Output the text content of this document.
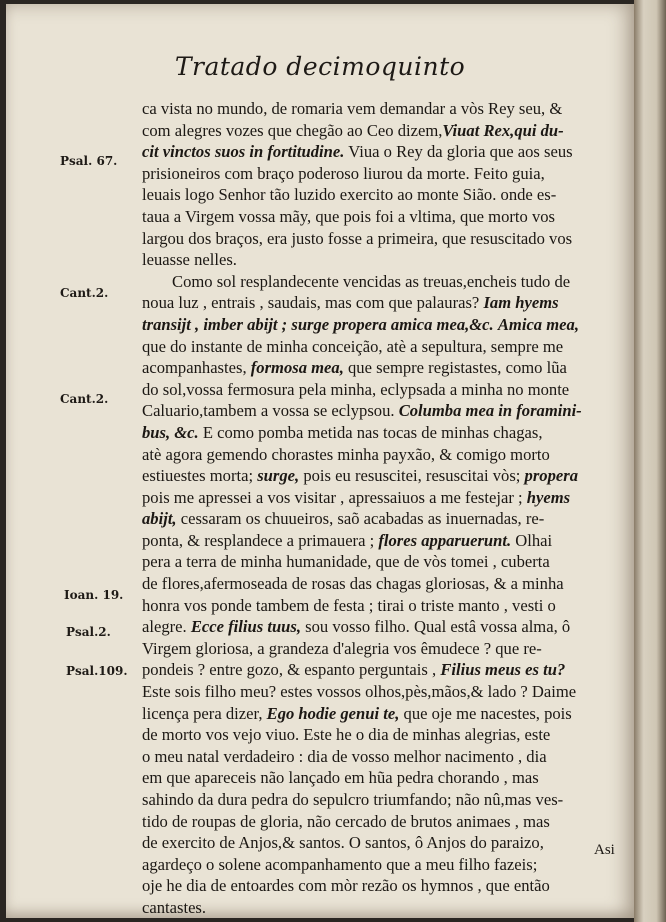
Tratado decimoquinto
Psal. 67.
Cant.2.
Cant.2.
Ioan. 19.
Psal.2.
Psal.109.
ca vista no mundo, de romaria vem demandar a vòs Rey seu, &
com alegres vozes que chegão ao Ceo dizem,Viuat Rex,qui du-
cit vinctos suos in fortitudine. Viua o Rey da gloria que aos seus
prisioneiros com braço poderoso liurou da morte. Feito guia,
leuais logo Senhor tão luzido exercito ao monte Sião. onde es-
taua a Virgem vossa mãy, que pois foi a vltima, que morto vos
largou dos braços, era justo fosse a primeira, que resuscitado vos
leuasse nelles.
Como sol resplandecente vencidas as treuas,encheis tudo de
noua luz , entrais , saudais, mas com que palauras? Iam hyems
transijt , imber abijt ; surge propera amica mea,&c. Amica mea,
que do instante de minha conceição, atè a sepultura, sempre me
acompanhastes, formosa mea, que sempre registastes, como lũa
do sol,vossa fermosura pela minha, eclypsada a minha no monte
Caluario,tambem a vossa se eclypsou. Columba mea in foramini-
bus, &c. E como pomba metida nas tocas de minhas chagas,
atè agora gemendo chorastes minha payxão, & comigo morto
estiuestes morta; surge, pois eu resuscitei, resuscitai vòs; propera
pois me apressei a vos visitar , apressaiuos a me festejar ; hyems
abijt, cessaram os chuueiros, saõ acabadas as inuernadas, re-
ponta, & resplandece a primauera ; flores apparuerunt. Olhai
pera a terra de minha humanidade, que de vòs tomei , cuberta
de flores,afermoseada de rosas das chagas gloriosas, & a minha
honra vos ponde tambem de festa ; tirai o triste manto , vesti o
alegre. Ecce filius tuus, sou vosso filho. Qual estâ vossa alma, ô
Virgem gloriosa, a grandeza d'alegria vos êmudece ? que re-
pondeis ? entre gozo, & espanto perguntais , Filius meus es tu?
Este sois filho meu? estes vossos olhos,pès,mãos,& lado ? Daime
licença pera dizer, Ego hodie genui te, que oje me nacestes, pois
de morto vos vejo viuo. Este he o dia de minhas alegrias, este
o meu natal verdadeiro : dia de vosso melhor nacimento , dia
em que apareceis não lançado em hũa pedra chorando , mas
sahindo da dura pedra do sepulcro triumfando; não nû,mas ves-
tido de roupas de gloria, não cercado de brutos animaes , mas
de exercito de Anjos,& santos. O santos, ô Anjos do paraizo,
agardeço o solene acompanhamento que a meu filho fazeis;
oje he dia de entoardes com mòr rezão os hymnos , que então
cantastes.
Asi
